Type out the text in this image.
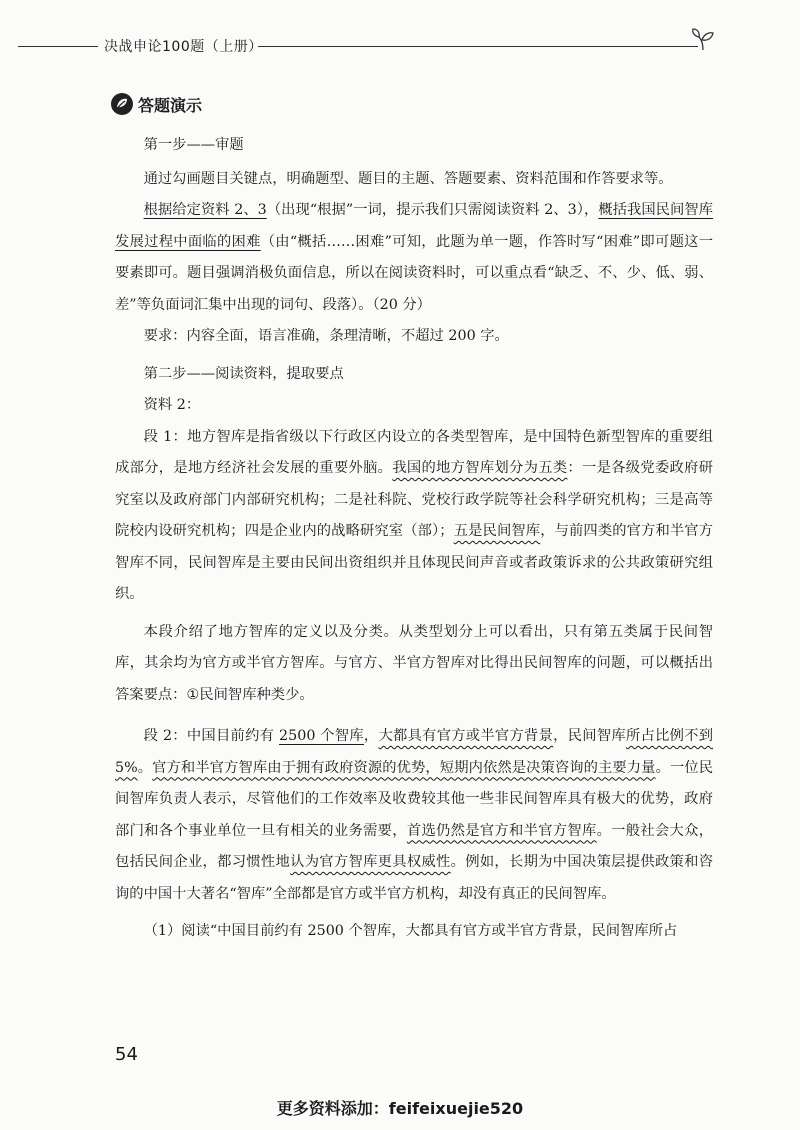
决战申论100题（上册）
答题演示

第一步——审题

通过勾画题目关键点，明确题型、题目的主题、答题要素、资料范围和作答要求等。

根据给定资料 2、3（出现“根据”一词，提示我们只需阅读资料 2、3），概括我国民间智库发展过程中面临的困难（由“概括……困难”可知，此题为单一题，作答时写“困难”即可题这一要素即可。题目强调消极负面信息，所以在阅读资料时，可以重点看“缺乏、不、少、低、弱、差”等负面词汇集中出现的词句、段落）。（20 分）

要求：内容全面，语言准确，条理清晰，不超过 200 字。

第二步——阅读资料，提取要点

资料 2：

段 1：地方智库是指省级以下行政区内设立的各类型智库，是中国特色新型智库的重要组成部分，是地方经济社会发展的重要外脑。我国的地方智库划分为五类：一是各级党委政府研究室以及政府部门内部研究机构；二是社科院、党校行政学院等社会科学研究机构；三是高等院校内设研究机构；四是企业内的战略研究室（部）；五是民间智库，与前四类的官方和半官方智库不同，民间智库是主要由民间出资组织并且体现民间声音或者政策诉求的公共政策研究组织。

本段介绍了地方智库的定义以及分类。从类型划分上可以看出，只有第五类属于民间智库，其余均为官方或半官方智库。与官方、半官方智库对比得出民间智库的问题，可以概括出答案要点：①民间智库种类少。

段 2：中国目前约有 2500 个智库，大都具有官方或半官方背景，民间智库所占比例不到 5%。官方和半官方智库由于拥有政府资源的优势，短期内依然是决策咨询的主要力量。一位民间智库负责人表示，尽管他们的工作效率及收费较其他一些非民间智库具有极大的优势，政府部门和各个事业单位一旦有相关的业务需要，首选仍然是官方和半官方智库。一般社会大众，包括民间企业，都习惯性地认为官方智库更具权威性。例如，长期为中国决策层提供政策和咨询的中国十大著名“智库”全部都是官方或半官方机构，却没有真正的民间智库。

（1）阅读“中国目前约有 2500 个智库，大都具有官方或半官方背景，民间智库所占

54
更多资料添加：feifeixuejie520
